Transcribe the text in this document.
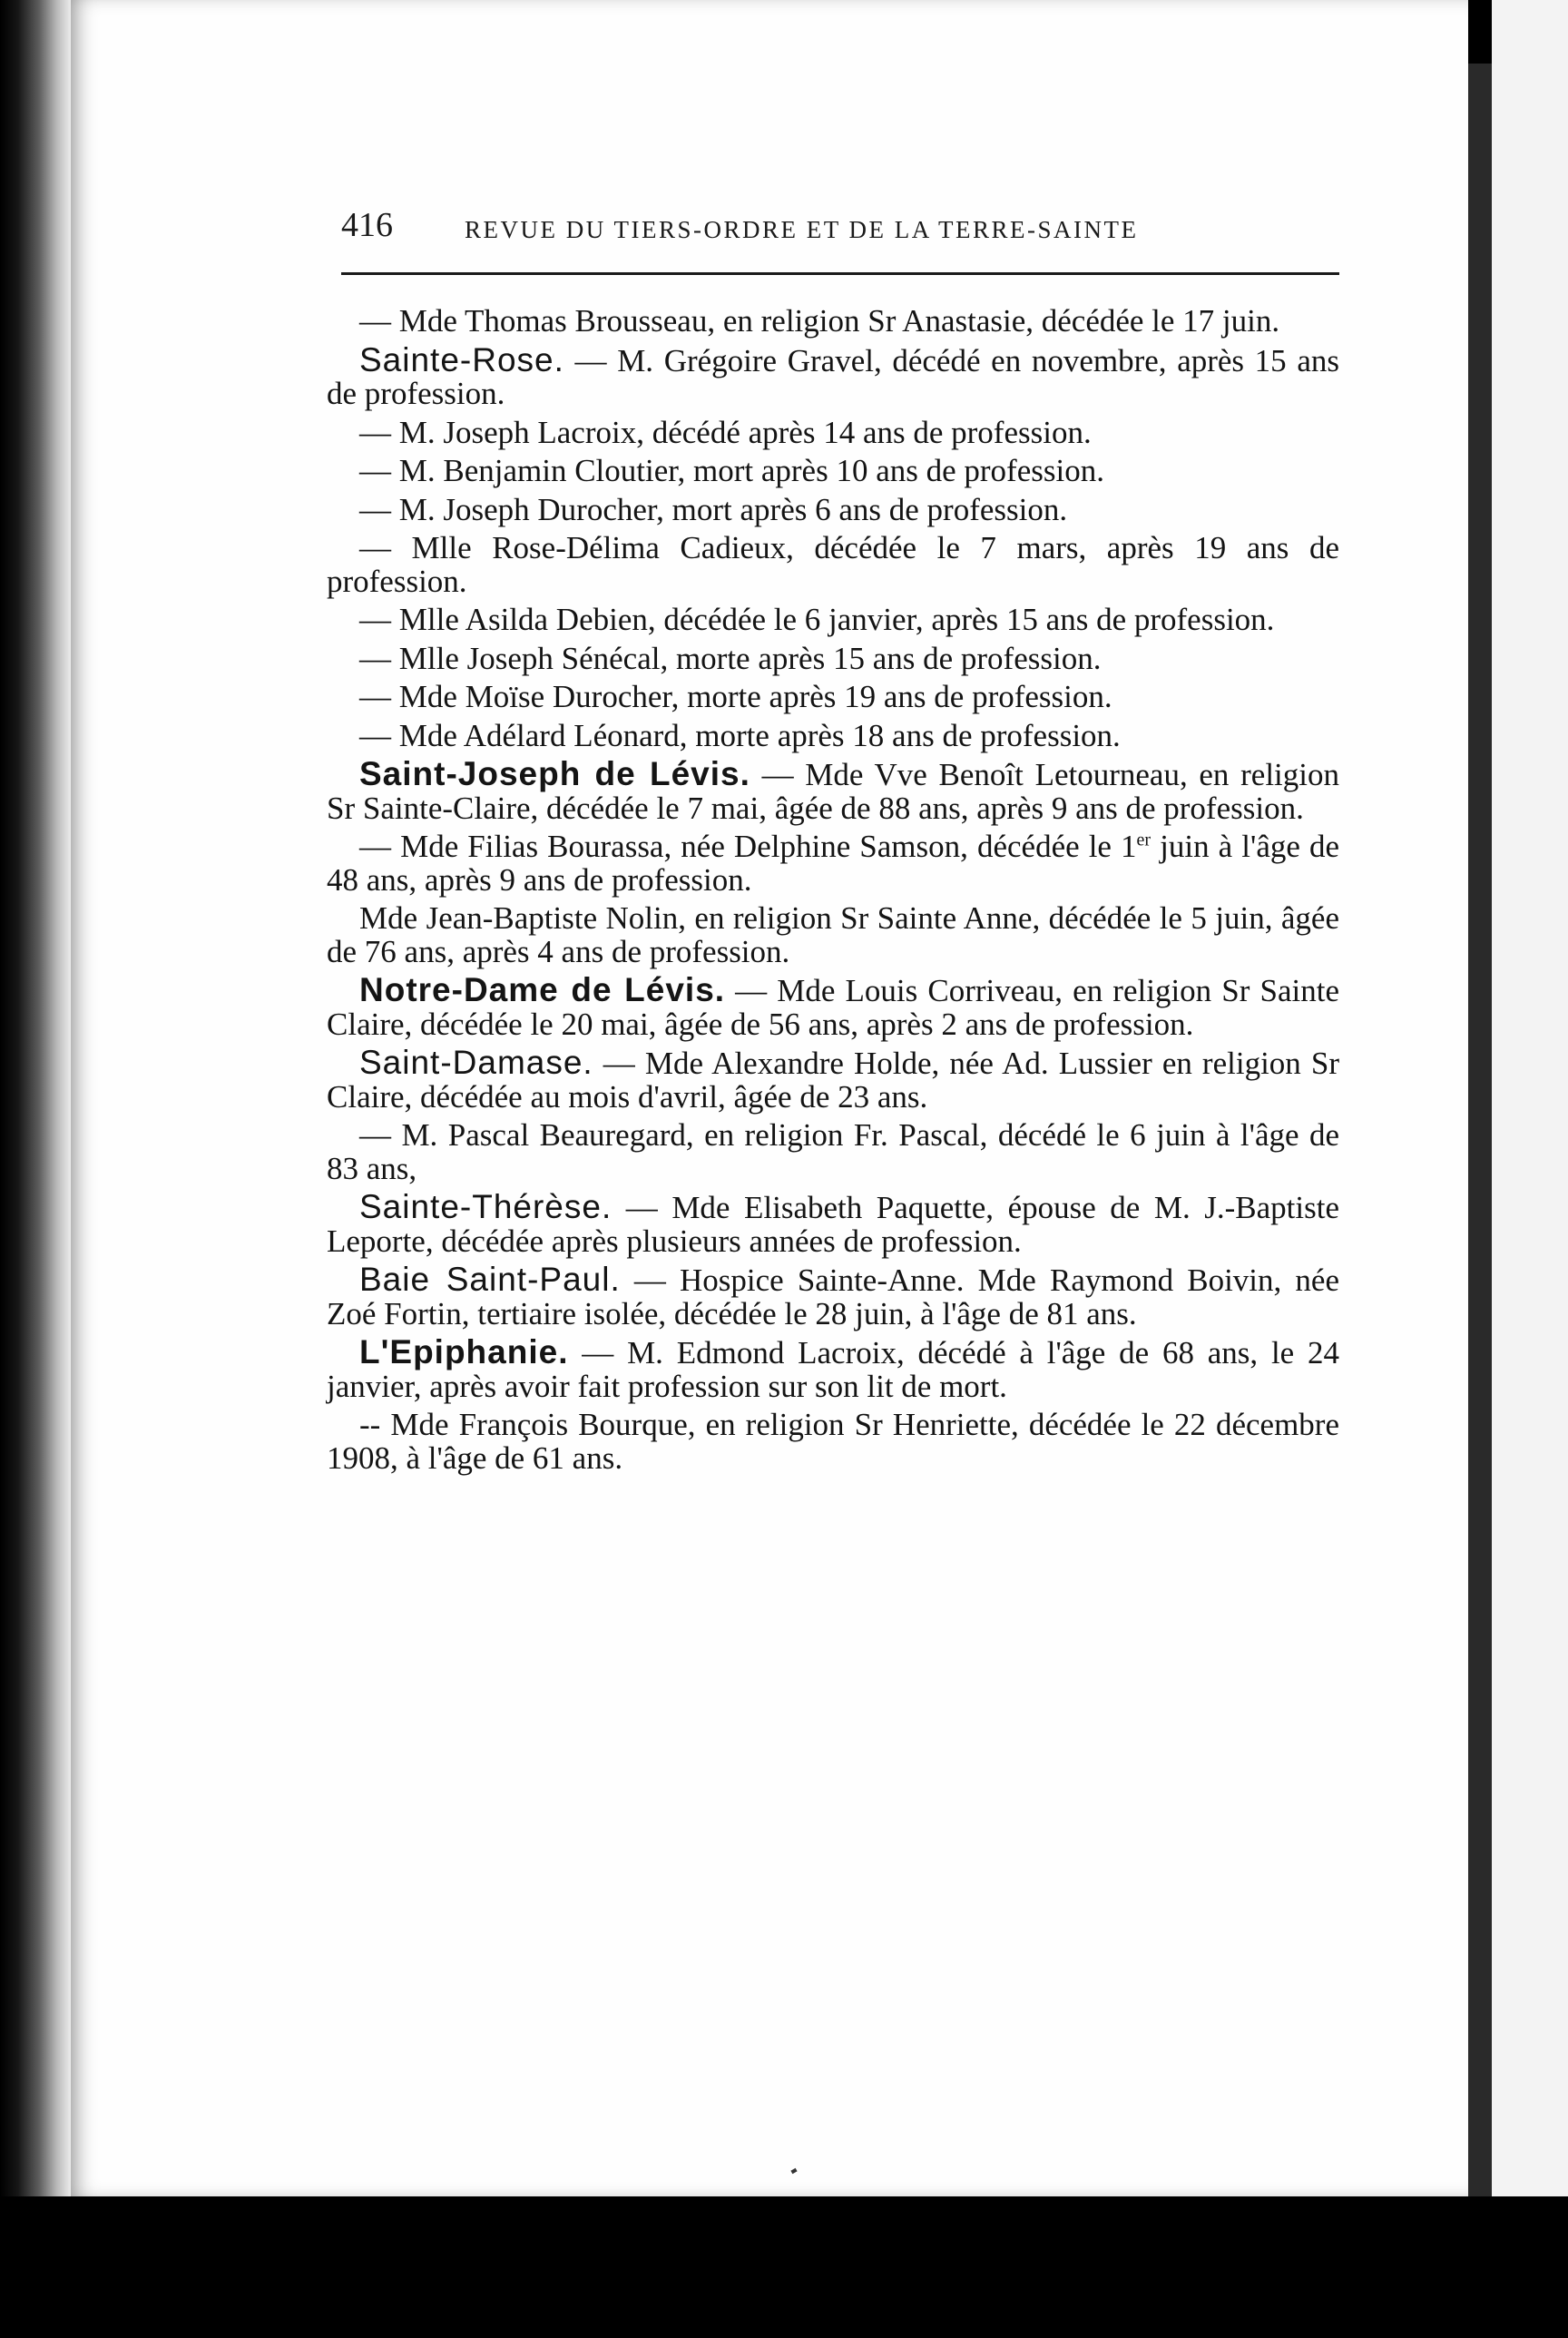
416	REVUE DU TIERS-ORDRE ET DE LA TERRE-SAINTE

— Mde Thomas Brousseau, en religion Sr Anastasie, décédée le 17 juin.

Sainte-Rose. — M. Grégoire Gravel, décédé en novembre, après 15 ans de profession.

— M. Joseph Lacroix, décédé après 14 ans de profession.

— M. Benjamin Cloutier, mort après 10 ans de profession.

— M. Joseph Durocher, mort après 6 ans de profession.

— Mlle Rose-Délima Cadieux, décédée le 7 mars, après 19 ans de profession.

— Mlle Asilda Debien, décédée le 6 janvier, après 15 ans de profession.

— Mlle Joseph Sénécal, morte après 15 ans de profession.

— Mde Moïse Durocher, morte après 19 ans de profession.

— Mde Adélard Léonard, morte après 18 ans de profession.

Saint-Joseph de Lévis. — Mde Vve Benoît Letourneau, en religion Sr Sainte-Claire, décédée le 7 mai, âgée de 88 ans, après 9 ans de profession.

— Mde Filias Bourassa, née Delphine Samson, décédée le 1er juin à l'âge de 48 ans, après 9 ans de profession.

Mde Jean-Baptiste Nolin, en religion Sr Sainte Anne, décédée le 5 juin, âgée de 76 ans, après 4 ans de profession.

Notre-Dame de Lévis. — Mde Louis Corriveau, en religion Sr Sainte Claire, décédée le 20 mai, âgée de 56 ans, après 2 ans de profession.

Saint-Damase. — Mde Alexandre Holde, née Ad. Lussier en religion Sr Claire, décédée au mois d'avril, âgée de 23 ans.

— M. Pascal Beauregard, en religion Fr. Pascal, décédé le 6 juin à l'âge de 83 ans,

Sainte-Thérèse. — Mde Elisabeth Paquette, épouse de M. J.-Baptiste Leporte, décédée après plusieurs années de profession.

Baie Saint-Paul. — Hospice Sainte-Anne. Mde Raymond Boivin, née Zoé Fortin, tertiaire isolée, décédée le 28 juin, à l'âge de 81 ans.

L'Epiphanie. — M. Edmond Lacroix, décédé à l'âge de 68 ans, le 24 janvier, après avoir fait profession sur son lit de mort.

-- Mde François Bourque, en religion Sr Henriette, décédée le 22 décembre 1908, à l'âge de 61 ans.
